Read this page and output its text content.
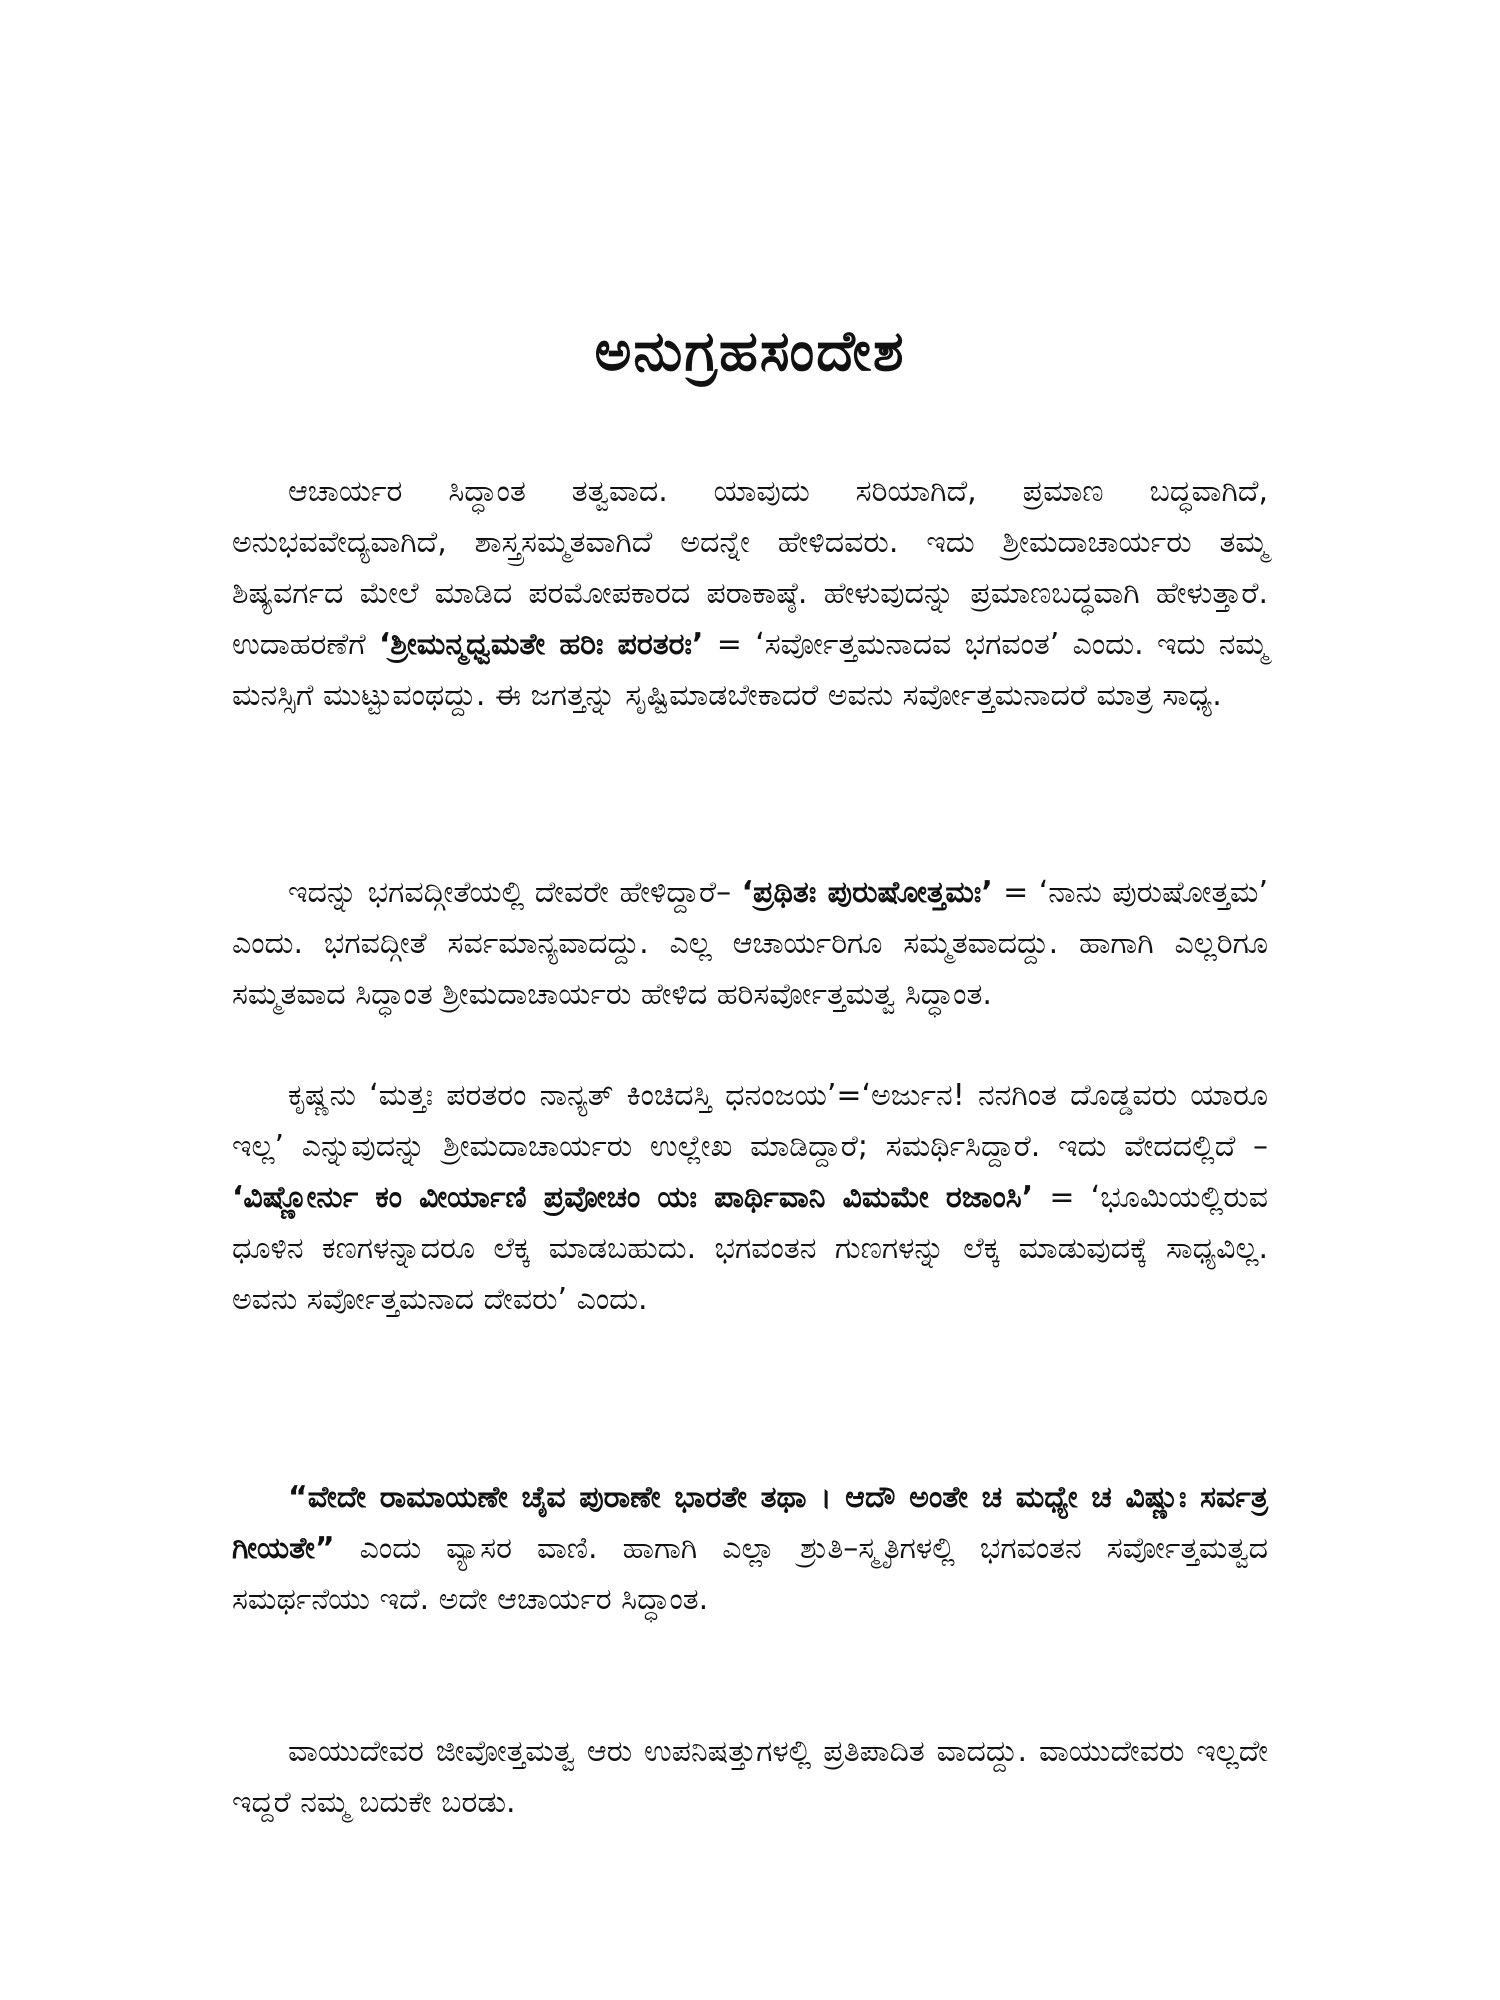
ಅನುಗ್ರಹಸಂದೇಶ

ಆಚಾರ್ಯರ ಸಿದ್ಧಾಂತ ತತ್ವವಾದ. ಯಾವುದು ಸರಿಯಾಗಿದೆ, ಪ್ರಮಾಣ ಬದ್ಧವಾಗಿದೆ, ಅನುಭವವೇದ್ಯವಾಗಿದೆ, ಶಾಸ್ತ್ರಸಮ್ಮತವಾಗಿದೆ ಅದನ್ನೇ ಹೇಳಿದವರು. ಇದು ಶ್ರೀಮದಾಚಾರ್ಯರು ತಮ್ಮ ಶಿಷ್ಯವರ್ಗದ ಮೇಲೆ ಮಾಡಿದ ಪರಮೋಪಕಾರದ ಪರಾಕಾಷ್ಠೆ. ಹೇಳುವುದನ್ನು ಪ್ರಮಾಣಬದ್ಧವಾಗಿ ಹೇಳುತ್ತಾರೆ. ಉದಾಹರಣೆಗೆ ‘ಶ್ರೀಮನ್ಮಧ್ವಮತೇ ಹರಿಃ ಪರತರಃ’ = ‘ಸರ್ವೋತ್ತಮನಾದವ ಭಗವಂತ’ ಎಂದು. ಇದು ನಮ್ಮ ಮನಸ್ಸಿಗೆ ಮುಟ್ಟುವಂಥದ್ದು. ಈ ಜಗತ್ತನ್ನು ಸೃಷ್ಟಿಮಾಡಬೇಕಾದರೆ ಅವನು ಸರ್ವೋತ್ತಮನಾದರೆ ಮಾತ್ರ ಸಾಧ್ಯ.

ಇದನ್ನು ಭಗವದ್ಗೀತೆಯಲ್ಲಿ ದೇವರೇ ಹೇಳಿದ್ದಾರೆ– ‘ಪ್ರಥಿತಃ ಪುರುಷೋತ್ತಮಃ’ = ‘ನಾನು ಪುರುಷೋತ್ತಮ’ ಎಂದು. ಭಗವದ್ಗೀತೆ ಸರ್ವಮಾನ್ಯವಾದದ್ದು. ಎಲ್ಲ ಆಚಾರ್ಯರಿಗೂ ಸಮ್ಮತವಾದದ್ದು. ಹಾಗಾಗಿ ಎಲ್ಲರಿಗೂ ಸಮ್ಮತವಾದ ಸಿದ್ಧಾಂತ ಶ್ರೀಮದಾಚಾರ್ಯರು ಹೇಳಿದ ಹರಿಸರ್ವೋತ್ತಮತ್ವ ಸಿದ್ಧಾಂತ.

ಕೃಷ್ಣನು ‘ಮತ್ತಃ ಪರತರಂ ನಾನ್ಯತ್ ಕಿಂಚಿದಸ್ತಿ ಧನಂಜಯ’=‘ಅರ್ಜುನ! ನನಗಿಂತ ದೊಡ್ಡವರು ಯಾರೂ ಇಲ್ಲ’ ಎನ್ನುವುದನ್ನು ಶ್ರೀಮದಾಚಾರ್ಯರು ಉಲ್ಲೇಖ ಮಾಡಿದ್ದಾರೆ; ಸಮರ್ಥಿಸಿದ್ದಾರೆ. ಇದು ವೇದದಲ್ಲಿದೆ – ‘ವಿಷ್ಣೋರ್ನು ಕಂ ವೀರ್ಯಾಣಿ ಪ್ರವೋಚಂ ಯಃ ಪಾರ್ಥಿವಾನಿ ವಿಮಮೇ ರಜಾಂಸಿ’ = ‘ಭೂಮಿಯಲ್ಲಿರುವ ಧೂಳಿನ ಕಣಗಳನ್ನಾದರೂ ಲೆಕ್ಕ ಮಾಡಬಹುದು. ಭಗವಂತನ ಗುಣಗಳನ್ನು ಲೆಕ್ಕ ಮಾಡುವುದಕ್ಕೆ ಸಾಧ್ಯವಿಲ್ಲ. ಅವನು ಸರ್ವೋತ್ತಮನಾದ ದೇವರು’ ಎಂದು.

“ವೇದೇ ರಾಮಾಯಣೇ ಚೈವ ಪುರಾಣೇ ಭಾರತೇ ತಥಾ । ಆದೌ ಅಂತೇ ಚ ಮಧ್ಯೇ ಚ ವಿಷ್ಣುಃ ಸರ್ವತ್ರ ಗೀಯತೇ” ಎಂದು ವ್ಯಾಸರ ವಾಣಿ. ಹಾಗಾಗಿ ಎಲ್ಲಾ ಶ್ರುತಿ–ಸ್ಮೃತಿಗಳಲ್ಲಿ ಭಗವಂತನ ಸರ್ವೋತ್ತಮತ್ವದ ಸಮರ್ಥನೆಯು ಇದೆ. ಅದೇ ಆಚಾರ್ಯರ ಸಿದ್ಧಾಂತ.

ವಾಯುದೇವರ ಜೀವೋತ್ತಮತ್ವ ಆರು ಉಪನಿಷತ್ತುಗಳಲ್ಲಿ ಪ್ರತಿಪಾದಿತ ವಾದದ್ದು. ವಾಯುದೇವರು ಇಲ್ಲದೇ ಇದ್ದರೆ ನಮ್ಮ ಬದುಕೇ ಬರಡು.
